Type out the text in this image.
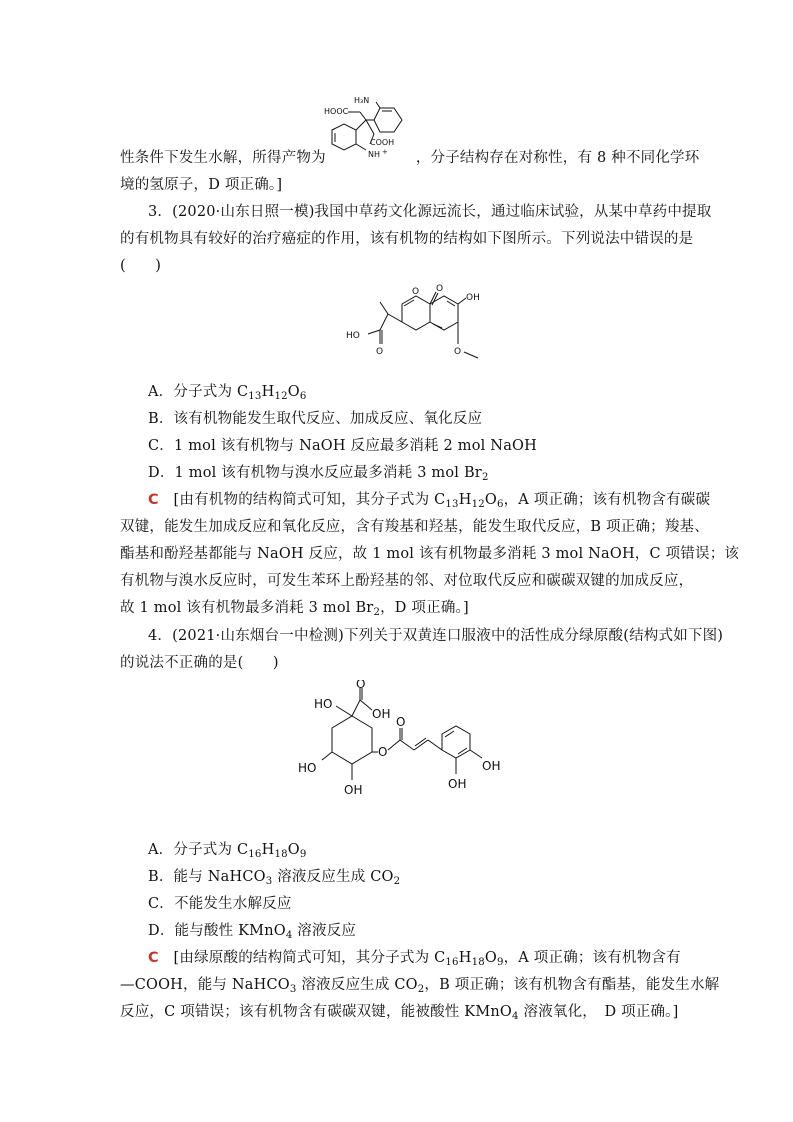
H₃N
HOOC
COOH
NH +
性条件下发生水解，所得产物为	，分子结构存在对称性，有 8 种不同化学环
境的氢原子，D 项正确。]
3．(2020·山东日照一模)我国中草药文化源远流长，通过临床试验，从某中草药中提取
的有机物具有较好的治疗癌症的作用，该有机物的结构如下图所示。下列说法中错误的是
(　　)
O O
OH
HO
O	O
A．分子式为 $C_{13}H_{12}O_6$
B．该有机物能发生取代反应、加成反应、氧化反应
C．1 mol 该有机物与 NaOH 反应最多消耗 2 mol NaOH
D．1 mol 该有机物与溴水反应最多消耗 3 mol $Br_2$
C　 [由有机物的结构简式可知，其分子式为 $C_{13}H_{12}O_6$，A 项正确；该有机物含有碳碳
双键，能发生加成反应和氧化反应，含有羧基和羟基，能发生取代反应，B 项正确；羧基、
酯基和酚羟基都能与 NaOH 反应，故 1 mol 该有机物最多消耗 3 mol NaOH，C 项错误；该
有机物与溴水反应时，可发生苯环上酚羟基的邻、对位取代反应和碳碳双键的加成反应，
故 1 mol 该有机物最多消耗 3 mol $Br_2$，D 项正确。]
4．(2021·山东烟台一中检测)下列关于双黄连口服液中的活性成分绿原酸(结构式如下图)
的说法不正确的是(　　)
O
HO
OH
O
O
HO
OH
OH
OH
A．分子式为 $C_{16}H_{18}O_9$
B．能与 NaHCO$_3$ 溶液反应生成 $CO_2$
C．不能发生水解反应
D．能与酸性 KMnO$_4$ 溶液反应
C　 [由绿原酸的结构简式可知，其分子式为 $C_{16}H_{18}O_9$，A 项正确；该有机物含有
—COOH，能与 NaHCO$_3$ 溶液反应生成 $CO_2$，B 项正确；该有机物含有酯基，能发生水解
反应，C 项错误；该有机物含有碳碳双键，能被酸性 KMnO$_4$ 溶液氧化，　D 项正确。]
